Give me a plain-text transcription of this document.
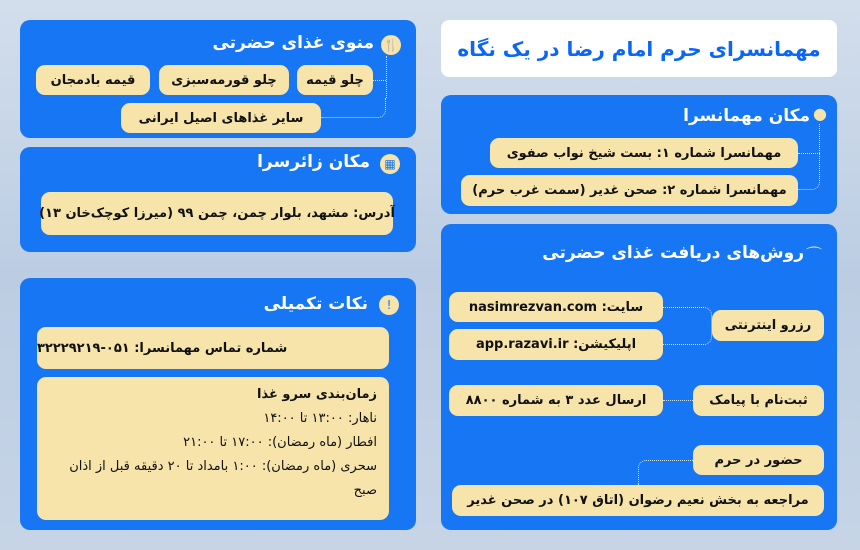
مهمانسرای حرم امام رضا در یک نگاه
🍴
منوی غذای حضرتی
چلو قیمه
چلو قورمه‌سبزی
قیمه بادمجان
سایر غذاهای اصیل ایرانی
▦
مکان زائرسرا
آدرس: مشهد، بلوار چمن، چمن ۹۹ (میرزا کوچک‌خان ۱۳)
!
نکات تکمیلی
شماره تماس مهمانسرا: ۰۵۱-۳۲۲۲۹۲۱۹
زمان‌بندی سرو غذا
ناهار: ۱۳:۰۰ تا ۱۴:۰۰
افطار (ماه رمضان): ۱۷:۰۰ تا ۲۱:۰۰
سحری (ماه رمضان): ۱:۰۰ بامداد تا ۲۰ دقیقه قبل از اذان صبح
●
مکان مهمانسرا
مهمانسرا شماره ۱: بست شیخ نواب صفوی
مهمانسرا شماره ۲: صحن غدیر (سمت غرب حرم)
⌒
روش‌های دریافت غذای حضرتی
سایت: nasimrezvan.com
اپلیکیشن: app.razavi.ir
رزرو اینترنتی
ارسال عدد ۳ به شماره ۸۸۰۰	ثبت‌نام با پیامک
حضور در حرم
مراجعه به بخش نعیم رضوان (اتاق ۱۰۷) در صحن غدیر
